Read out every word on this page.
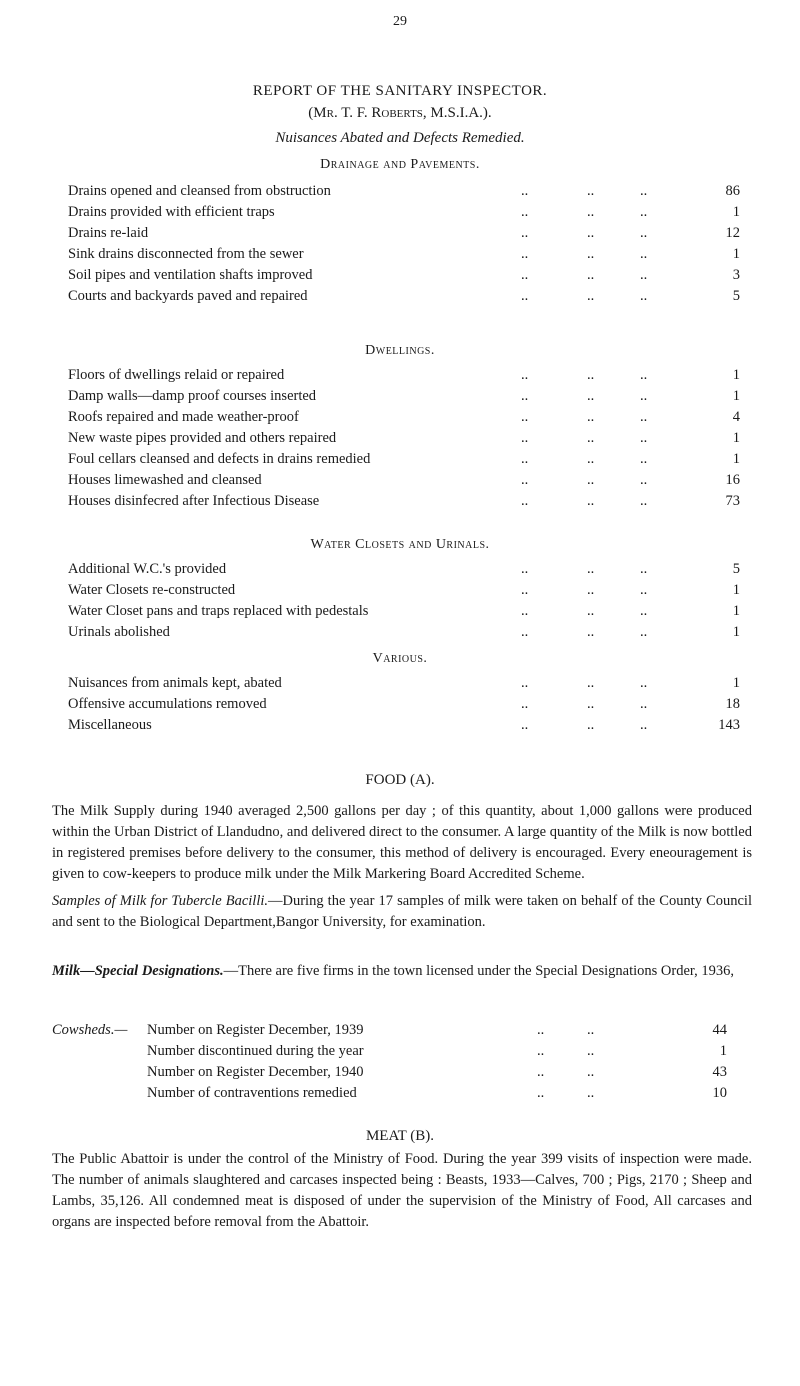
29
REPORT OF THE SANITARY INSPECTOR.
(Mr. T. F. Roberts, M.S.I.A.).
Nuisances Abated and Defects Remedied.
Drainage and Pavements.
Drains opened and cleansed from obstruction	..	..	..	86
Drains provided with efficient traps	..	..	..	1
Drains re-laid	..	..	..	12
Sink drains disconnected from the sewer	..	..	..	1
Soil pipes and ventilation shafts improved	..	..	..	3
Courts and backyards paved and repaired	..	..	..	5
Dwellings.
Floors of dwellings relaid or repaired	..	..	..	1
Damp walls—damp proof courses inserted	..	..	..	1
Roofs repaired and made weather-proof	..	..	..	4
New waste pipes provided and others repaired	..	..	..	1
Foul cellars cleansed and defects in drains remedied	..	..	..	1
Houses limewashed and cleansed	..	..	..	16
Houses disinfecred after Infectious Disease	..	..	..	73
Water Closets and Urinals.
Additional W.C.'s provided	..	..	..	5
Water Closets re-constructed	..	..	..	1
Water Closet pans and traps replaced with pedestals	..	..	..	1
Urinals abolished	..	..	..	1
Various.
Nuisances from animals kept, abated	..	..	..	1
Offensive accumulations removed	..	..	..	18
Miscellaneous	..	..	..	143
FOOD (A).
The Milk Supply during 1940 averaged 2,500 gallons per day ; of this quantity, about 1,000 gallons were produced within the Urban District of Llandudno, and delivered direct to the consumer. A large quantity of the Milk is now bottled in registered premises before delivery to the consumer, this method of delivery is encouraged. Every eneouragement is given to cow-keepers to produce milk under the Milk Markering Board Accredited Scheme.
Samples of Milk for Tubercle Bacilli.—During the year 17 samples of milk were taken on behalf of the County Council and sent to the Biological Department,Bangor University, for examination.
Milk—Special Designations.—There are five firms in the town licensed under the Special Designations Order, 1936,
Cowsheds.— Number on Register December, 1939	..	..	44
Number discontinued during the year	..	..	1
Number on Register December, 1940	..	..	43
Number of contraventions remedied	..	..	10
MEAT (B).
The Public Abattoir is under the control of the Ministry of Food. During the year 399 visits of inspection were made. The number of animals slaughtered and carcases inspected being : Beasts, 1933—Calves, 700 ; Pigs, 2170 ; Sheep and Lambs, 35,126. All condemned meat is disposed of under the supervision of the Ministry of Food, All carcases and organs are inspected before removal from the Abattoir.
